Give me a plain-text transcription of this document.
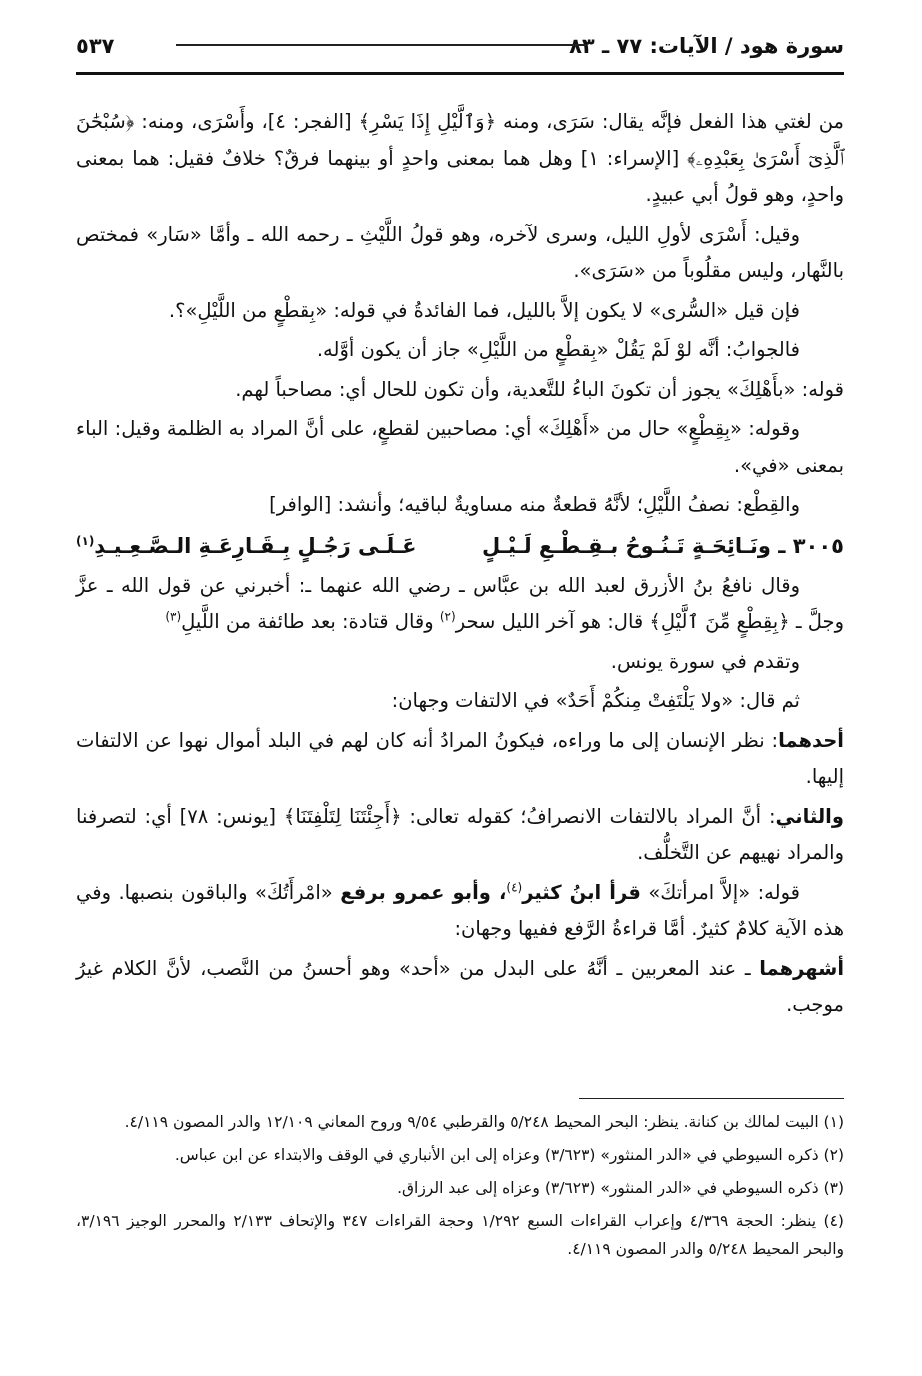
سورة هود / الآيات: ٧٧ ـ ٨٣
٥٣٧

من لغتي هذا الفعل فإنَّه يقال: سَرَى، ومنه ﴿وَٱلَّيْلِ إِذَا يَسْرِ﴾ [الفجر: ٤]، وأَسْرَى، ومنه: ﴿سُبْحَٰنَ ٱلَّذِىٓ أَسْرَىٰ بِعَبْدِهِۦ﴾ [الإسراء: ١] وهل هما بمعنى واحدٍ أو بينهما فرقٌ؟ خلافٌ فقيل: هما بمعنى واحدٍ، وهو قولُ أبي عبيدٍ.

وقيل: أَسْرَى لأولِ الليل، وسرى لآخره، وهو قولُ اللَّيْثِ ـ رحمه الله ـ وأمَّا «سَار» فمختص بالنَّهار، وليس مقلُوباً من «سَرَى».

فإن قيل «السُّرى» لا يكون إلاَّ بالليل، فما الفائدةُ في قوله: «بِقطْعٍ من اللَّيْلِ»؟.

فالجوابُ: أنَّه لوْ لَمْ يَقُلْ «بِقطْعٍ من اللَّيْلِ» جاز أن يكون أوَّله.

قوله: «بأَهْلِكَ» يجوز أن تكونَ الباءُ للتَّعدية، وأن تكون للحال أي: مصاحباً لهم.

وقوله: «بِقِطْعٍ» حال من «أَهْلِكَ» أي: مصاحبين لقطعٍ، على أنَّ المراد به الظلمة وقيل: الباء بمعنى «في».

والقِطْع: نصفُ اللَّيْلِ؛ لأنَّهُ قطعةٌ منه مساويةٌ لباقيه؛ وأنشد: [الوافر]

٣٠٠٥ ـ ونَـائِحَـةٍ تَـنُـوحُ بـقِـطْـعِ لَـيْـلٍ
عَـلَـى رَجُـلٍ بِـقَـارِعَـةِ الـصَّـعِـيـدِ$^{(١)}$

وقال نافعُ بنُ الأزرق لعبد الله بن عبَّاس ـ رضي الله عنهما ـ: أخبرني عن قول الله ـ عزَّ وجلَّ ـ ﴿بِقِطْعٍ مِّنَ ٱلَّيْلِ﴾ قال: هو آخر الليل سحر$^{(٢)}$ وقال قتادة: بعد طائفة من اللَّيلِ$^{(٣)}$

وتقدم في سورة يونس.

ثم قال: «ولا يَلْتَفِتْ مِنكُمْ أَحَدٌ» في الالتفات وجهان:

أحدهما: نظر الإنسان إلى ما وراءه، فيكونُ المرادُ أنه كان لهم في البلد أموال نهوا عن الالتفات إليها.

والثاني: أنَّ المراد بالالتفات الانصرافُ؛ كقوله تعالى: ﴿أَجِئْتَنَا لِتَلْفِتَنَا﴾ [يونس: ٧٨] أي: لتصرفنا والمراد نهيهم عن التَّخلُّف.

قوله: «إلاَّ امرأتكَ» قرأ ابنُ كثير$^{(٤)}$، وأبو عمرو برفع «امْرأَتُكَ» والباقون بنصبها. وفي هذه الآية كلامٌ كثيرٌ. أمَّا قراءةُ الرَّفع ففيها وجهان:

أشهرهما ـ عند المعربين ـ أنَّهُ على البدل من «أحد» وهو أحسنُ من النَّصب، لأنَّ الكلام غيرُ موجب.

(١) البيت لمالك بن كنانة. ينظر: البحر المحيط ٥/٢٤٨ والقرطبي ٩/٥٤ وروح المعاني ١٢/١٠٩ والدر المصون ٤/١١٩.

(٢) ذكره السيوطي في «الدر المنثور» (٣/٦٢٣) وعزاه إلى ابن الأنباري في الوقف والابتداء عن ابن عباس.

(٣) ذكره السيوطي في «الدر المنثور» (٣/٦٢٣) وعزاه إلى عبد الرزاق.

(٤) ينظر: الحجة ٤/٣٦٩ وإعراب القراءات السبع ١/٢٩٢ وحجة القراءات ٣٤٧ والإتحاف ٢/١٣٣ والمحرر الوجيز ٣/١٩٦، والبحر المحيط ٥/٢٤٨ والدر المصون ٤/١١٩.
